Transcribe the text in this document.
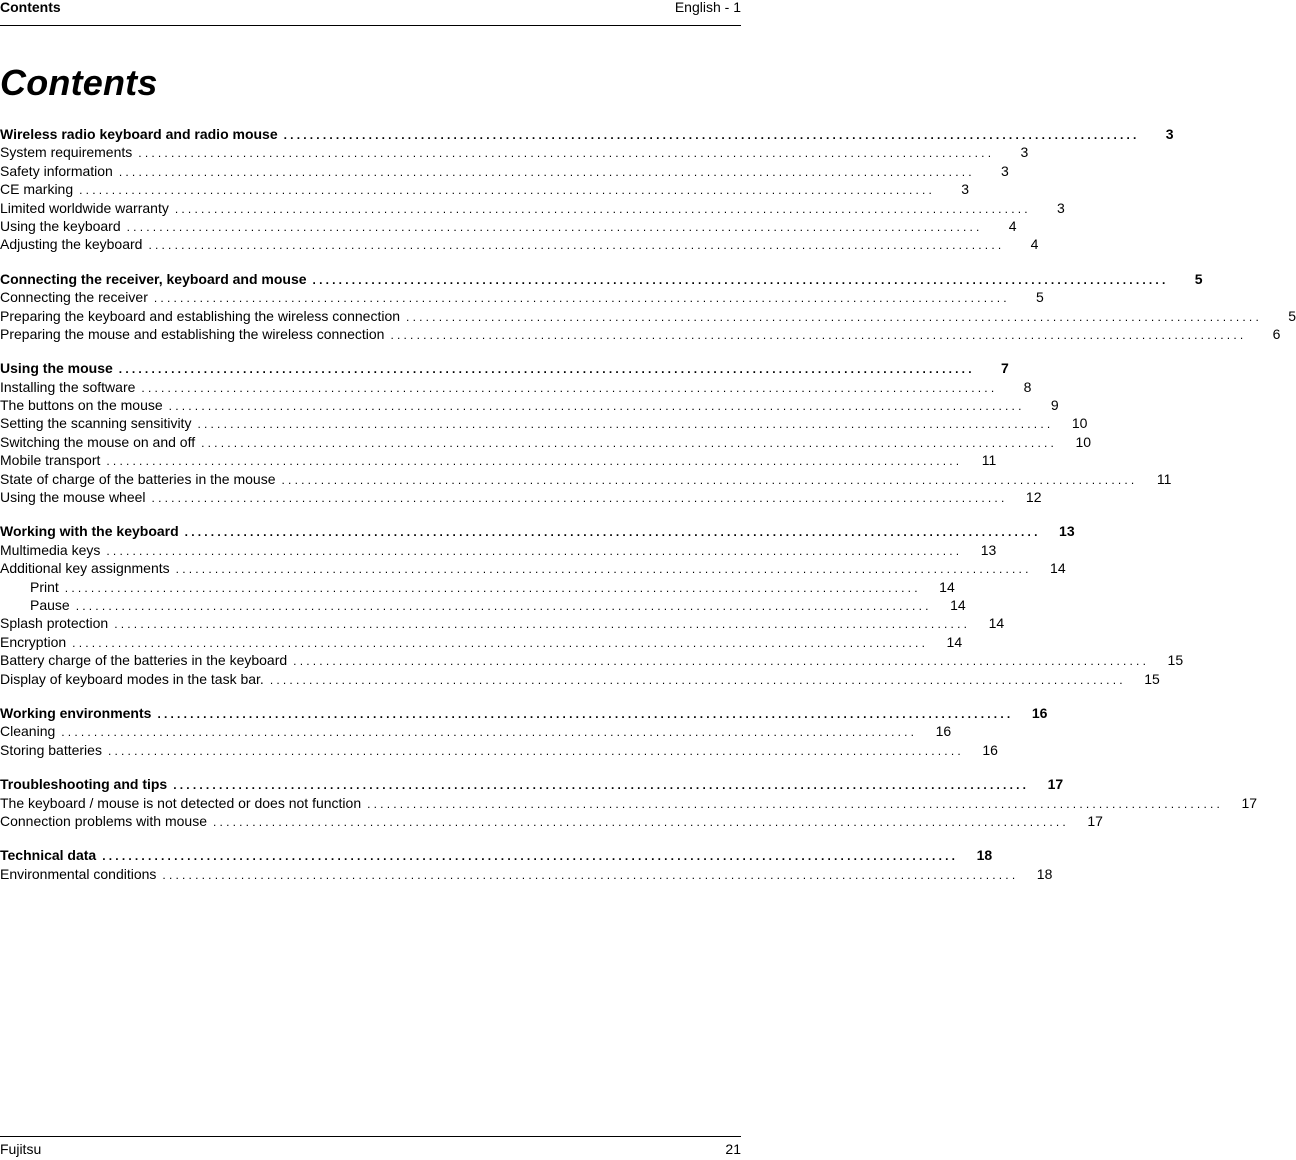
Contents	English - 1
Contents
Wireless radio keyboard and radio mouse ...................................................................................................................................	3
System requirements ...................................................................................................................................	3
Safety information ...................................................................................................................................	3
CE marking ...................................................................................................................................	3
Limited worldwide warranty ...................................................................................................................................	3
Using the keyboard ...................................................................................................................................	4
Adjusting the keyboard ...................................................................................................................................	4
Connecting the receiver, keyboard and mouse ...................................................................................................................................	5
Connecting the receiver ...................................................................................................................................	5
Preparing the keyboard and establishing the wireless connection ...................................................................................................................................	5
Preparing the mouse and establishing the wireless connection ...................................................................................................................................	6
Using the mouse ...................................................................................................................................	7
Installing the software ...................................................................................................................................	8
The buttons on the mouse ...................................................................................................................................	9
Setting the scanning sensitivity ................................................................................................................................... 10
Switching the mouse on and off ................................................................................................................................... 10
Mobile transport ................................................................................................................................... 11
State of charge of the batteries in the mouse ................................................................................................................................... 11
Using the mouse wheel ................................................................................................................................... 12
Working with the keyboard ................................................................................................................................... 13
Multimedia keys ................................................................................................................................... 13
Additional key assignments ................................................................................................................................... 14
Print ................................................................................................................................... 14
Pause ................................................................................................................................... 14
Splash protection ................................................................................................................................... 14
Encryption ................................................................................................................................... 14
Battery charge of the batteries in the keyboard ................................................................................................................................... 15
Display of keyboard modes in the task bar. ................................................................................................................................... 15
Working environments ................................................................................................................................... 16
Cleaning ................................................................................................................................... 16
Storing batteries ................................................................................................................................... 16
Troubleshooting and tips ................................................................................................................................... 17
The keyboard / mouse is not detected or does not function ................................................................................................................................... 17
Connection problems with mouse ................................................................................................................................... 17
Technical data ................................................................................................................................... 18
Environmental conditions ................................................................................................................................... 18
Fujitsu	21
